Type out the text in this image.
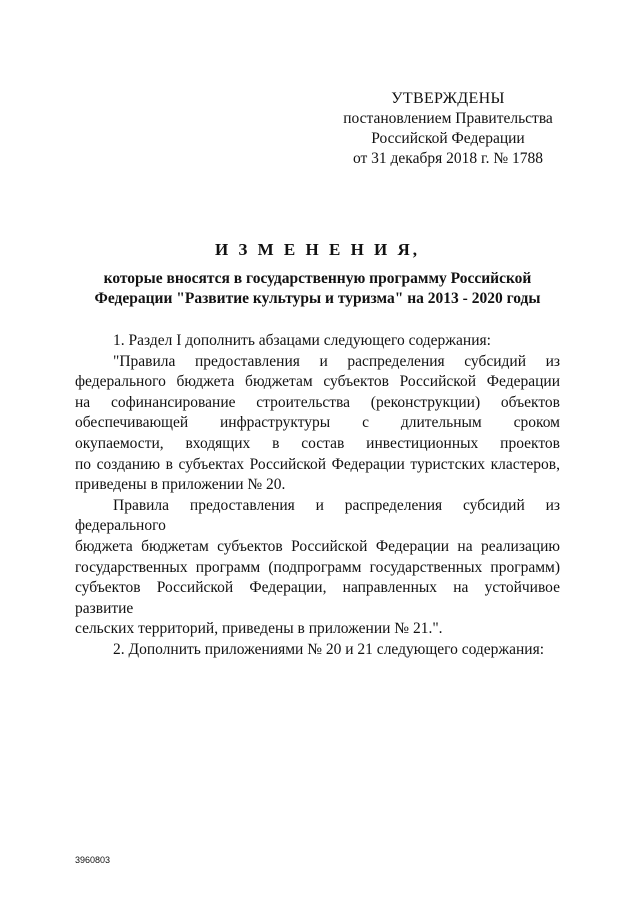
УТВЕРЖДЕНЫ
постановлением Правительства
Российской Федерации
от 31 декабря 2018 г. № 1788
И З М Е Н Е Н И Я,
которые вносятся в государственную программу Российской
Федерации "Развитие культуры и туризма" на 2013 - 2020 годы

1. Раздел I дополнить абзацами следующего содержания:

"Правила предоставления и распределения субсидий из

федерального бюджета бюджетам субъектов Российской Федерации

на софинансирование строительства (реконструкции) объектов

обеспечивающей инфраструктуры с длительным сроком

окупаемости, входящих в состав инвестиционных проектов

по созданию в субъектах Российской Федерации туристских кластеров,

приведены в приложении № 20.

Правила предоставления и распределения субсидий из федерального

бюджета бюджетам субъектов Российской Федерации на реализацию

государственных программ (подпрограмм государственных программ)

субъектов Российской Федерации, направленных на устойчивое развитие

сельских территорий, приведены в приложении № 21.".

2. Дополнить приложениями № 20 и 21 следующего содержания:

3960803
